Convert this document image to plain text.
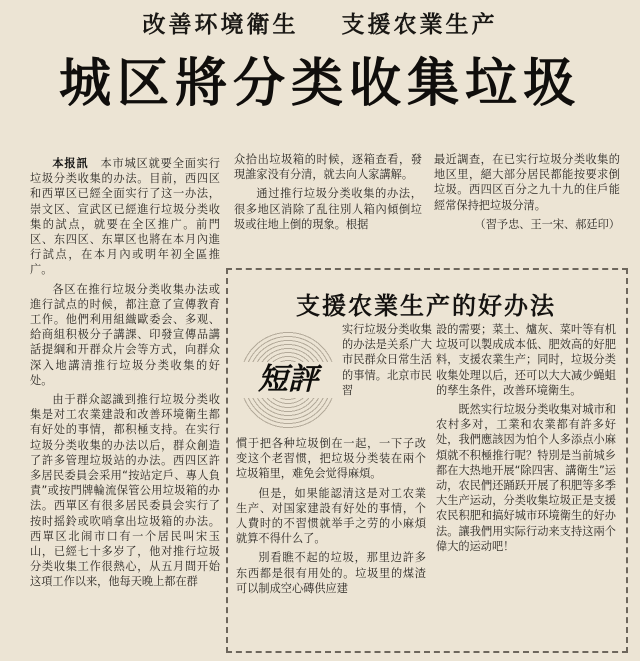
改善环境衛生 支援农業生产
城区將分类收集垃圾

本报訊　 本市城区就要全面实行垃圾分类收集的办法。目前，西四区和西單区已經全面实行了这一办法，崇文区、宣武区已經進行垃圾分类收集的試点，就要在全区推广。前門区、东四区、东單区也將在本月內進行試点，在本月內或明年初全區推广。

各区在推行垃圾分类收集办法或進行試点的时候，都注意了宣傳教育工作。他們利用組織歐委会、多观、給商組积极分子講課、印發宣傳品講話提綱和开群众片会等方式，向群众深入地講清推行垃圾分类收集的好处。

由于群众認識到推行垃圾分类收集是对工农業建設和改善环境衛生都有好处的事情，都积極支持。在实行垃圾分类收集的办法以后，群众創造了許多管理垃圾站的办法。西四区許多居民委員会采用“按站定戶、專人負責”或按門牌輪流保管公用垃圾箱的办法。西單区有很多居民委員会实行了按时摇鈴或吹哨拿出垃圾箱的办法。西單区北闹市口有一个居民叫宋玉山，已經七十多岁了，他对推行垃圾分类收集工作很熱心，从五月間开始这項工作以来，他每天晚上都在群

众拾出垃圾箱的时候，逐箱查看，發現誰家没有分清，就去向人家講解。

通过推行垃圾分类收集的办法，很多地区消除了乱往別人箱內傾倒垃圾或往地上倒的現象。根据

最近調查，在已实行垃圾分类收集的地区里，絕大部分居民都能按要求倒垃圾。西四区百分之九十九的住戶能經常保持把垃圾分清。

（習予忠、王一宋、郝廷印）

支援农業生产的好办法
短評

实行垃圾分类收集的办法是关系广大市民群众日常生活的事情。北京市民習

慣于把各种垃圾倒在一起，一下子改变这个老習惯，把垃圾分类装在兩个垃圾箱里，难免会觉得麻煩。

但是，如果能認清这是对工农業生产、对国家建設有好处的事情，个人費时的不習惯就举手之劳的小麻煩就算不得什么了。

別看瞧不起的垃圾，那里边許多东西都是很有用处的。垃圾里的煤渣可以制成空心磚供应建

設的需要；菜土、爐灰、菜叶等有机垃圾可以製成成本低、肥效高的好肥料，支援农業生产；同时，垃圾分类收集处理以后，还可以大大减少蝇蛆的孳生条件，改善环境衛生。

既然实行垃圾分类收集对城市和农村多对，工業和农業都有許多好处，我們應該因为怕个人多添点小麻煩就不积極推行呢？特別是当前城乡都在大热地开展“除四害、講衛生”运动，农民們还踊跃开展了积肥等多季大生产运动，分类收集垃圾正是支援农民积肥和搞好城市环境衛生的好办法。讓我們用实际行动来支持这兩个偉大的运动吧！
